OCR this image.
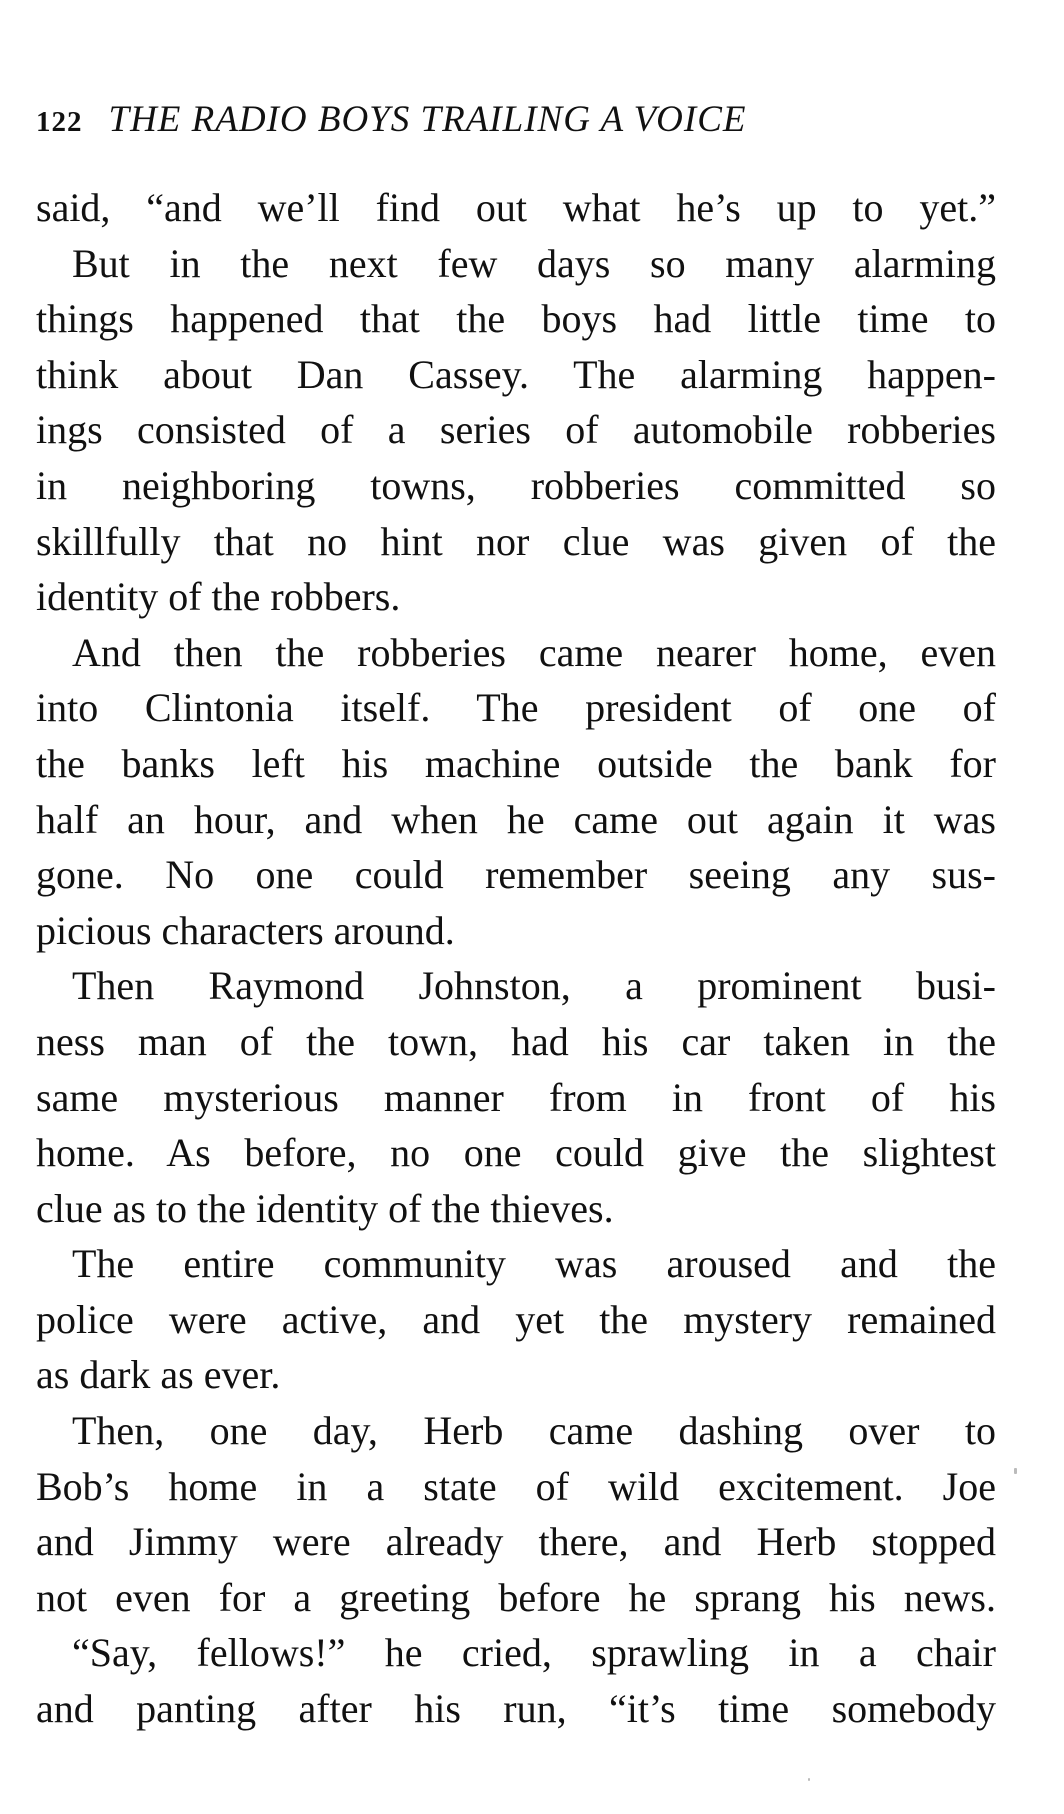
122 THE RADIO BOYS TRAILING A VOICE
said, “and we’ll find out what he’s up to yet.”
But in the next few days so many alarming
things happened that the boys had little time to
think about Dan Cassey. The alarming happen-
ings consisted of a series of automobile robberies
in neighboring towns, robberies committed so
skillfully that no hint nor clue was given of the
identity of the robbers.
And then the robberies came nearer home, even
into Clintonia itself. The president of one of
the banks left his machine outside the bank for
half an hour, and when he came out again it was
gone. No one could remember seeing any sus-
picious characters around.
Then Raymond Johnston, a prominent busi-
ness man of the town, had his car taken in the
same mysterious manner from in front of his
home. As before, no one could give the slightest
clue as to the identity of the thieves.
The entire community was aroused and the
police were active, and yet the mystery remained
as dark as ever.
Then, one day, Herb came dashing over to
Bob’s home in a state of wild excitement. Joe
and Jimmy were already there, and Herb stopped
not even for a greeting before he sprang his news.
“Say, fellows!” he cried, sprawling in a chair
and panting after his run, “it’s time somebody
